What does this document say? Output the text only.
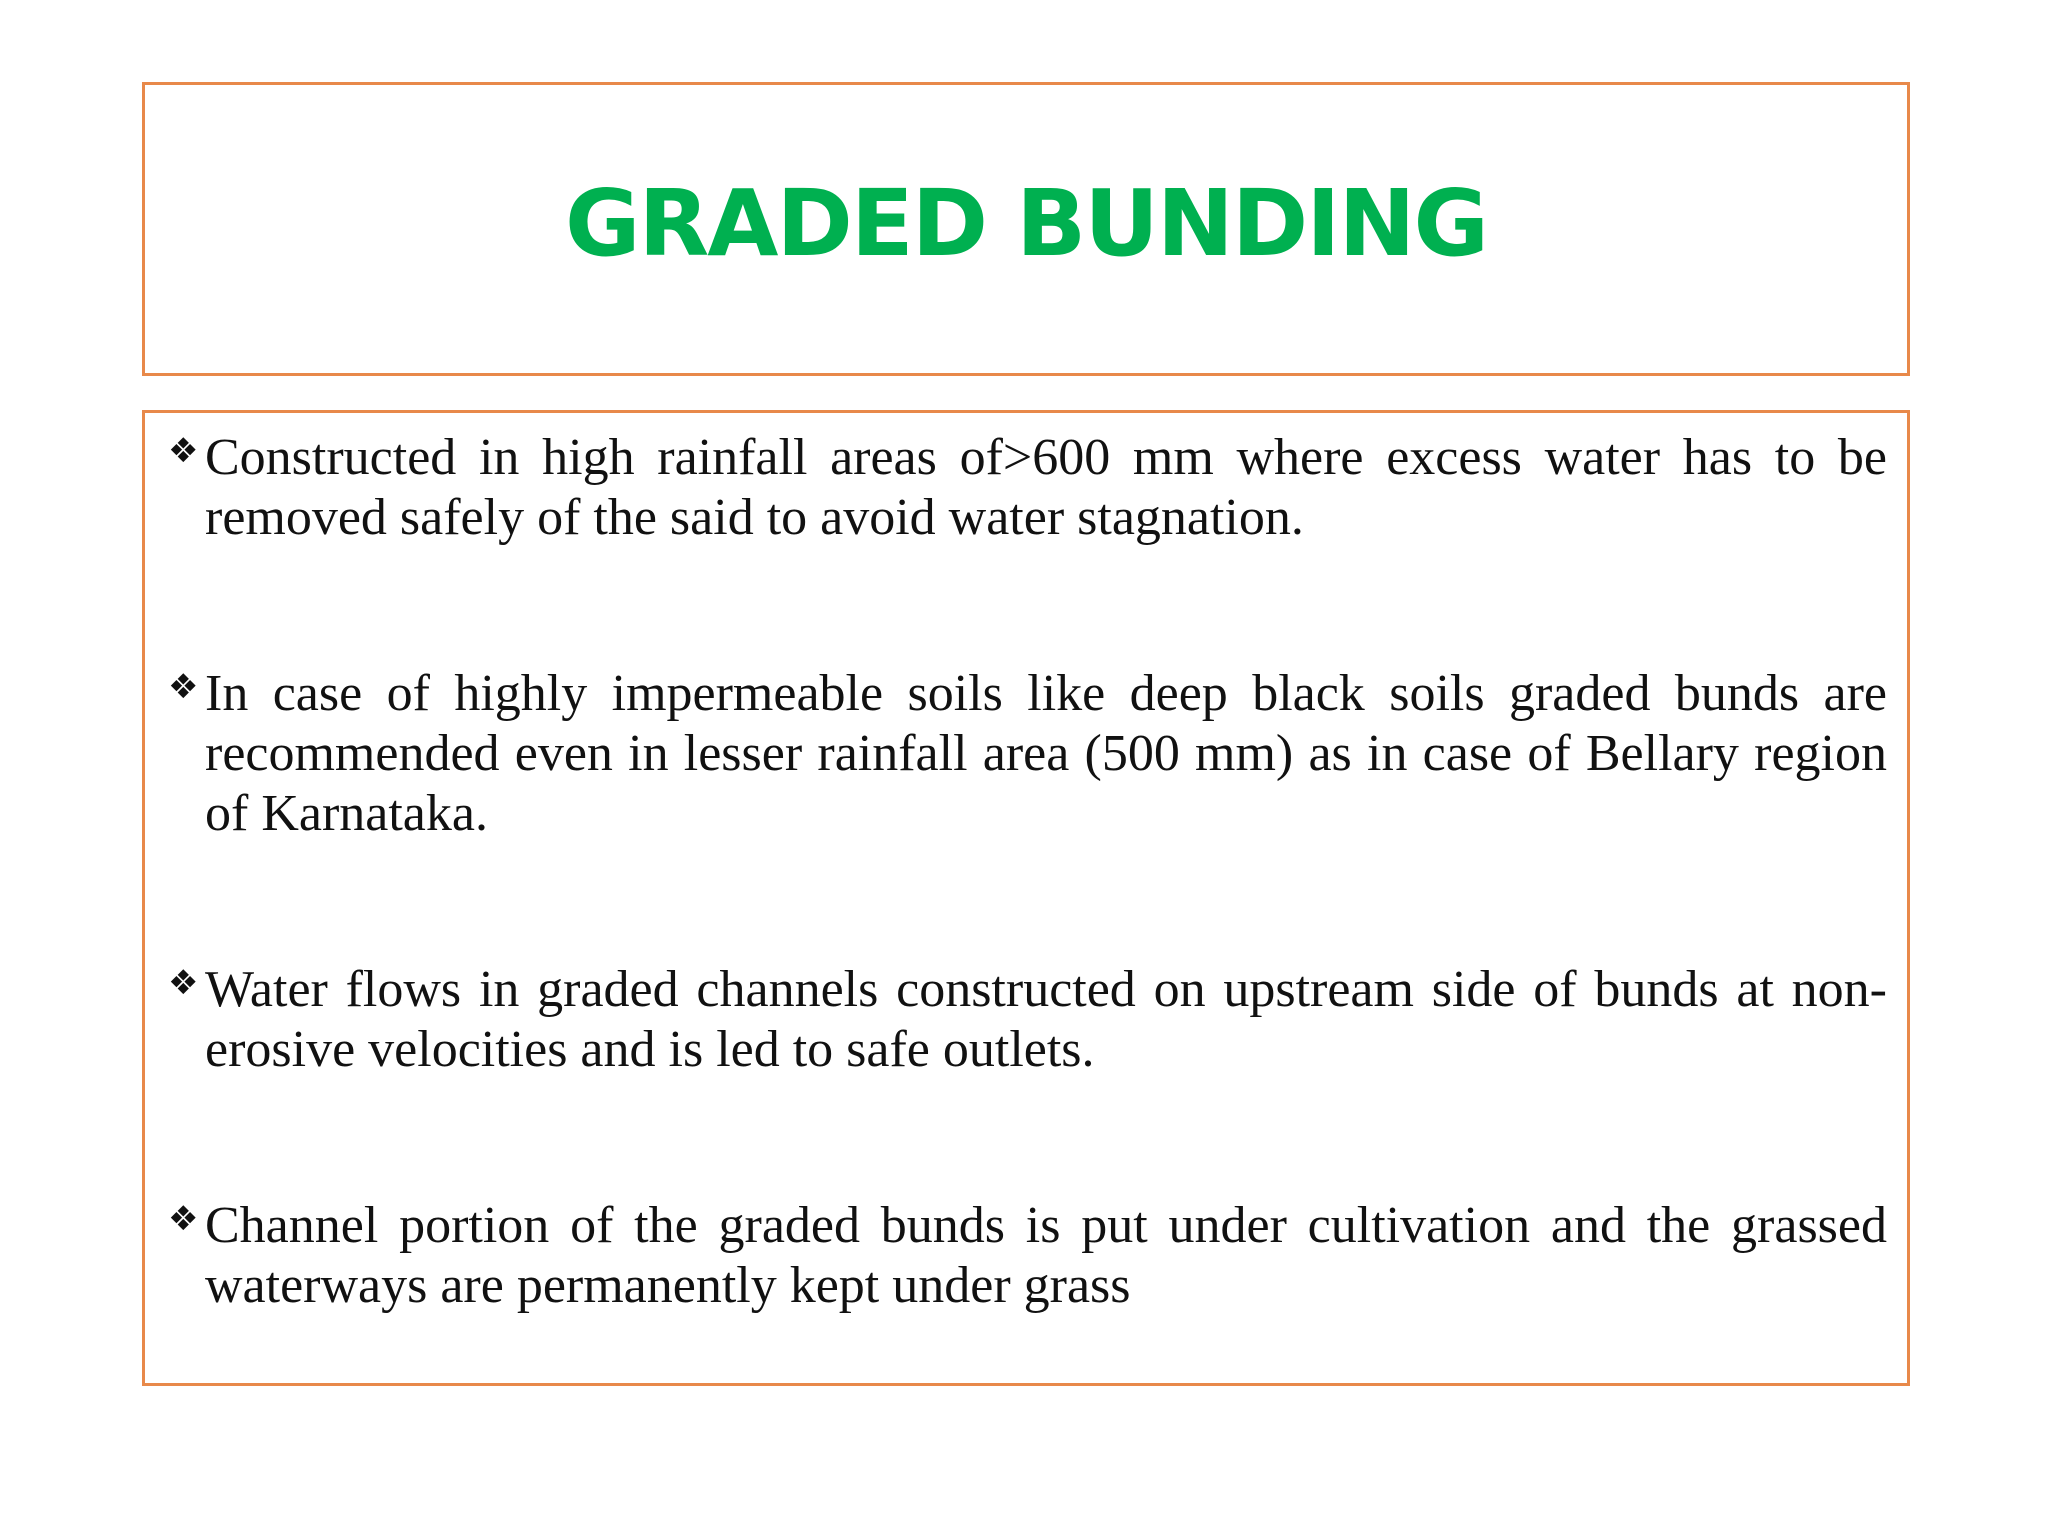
GRADED BUNDING

❖ Constructed in high rainfall areas of>600 mm where excess water has to be removed safely of the said to avoid water stagnation.

❖ In case of highly impermeable soils like deep black soils graded bunds are recommended even in lesser rainfall area (500 mm) as in case of Bellary region of Karnataka.

❖ Water flows in graded channels constructed on upstream side of bunds at non-erosive velocities and is led to safe outlets.

❖ Channel portion of the graded bunds is put under cultivation and the grassed waterways are permanently kept under grass
